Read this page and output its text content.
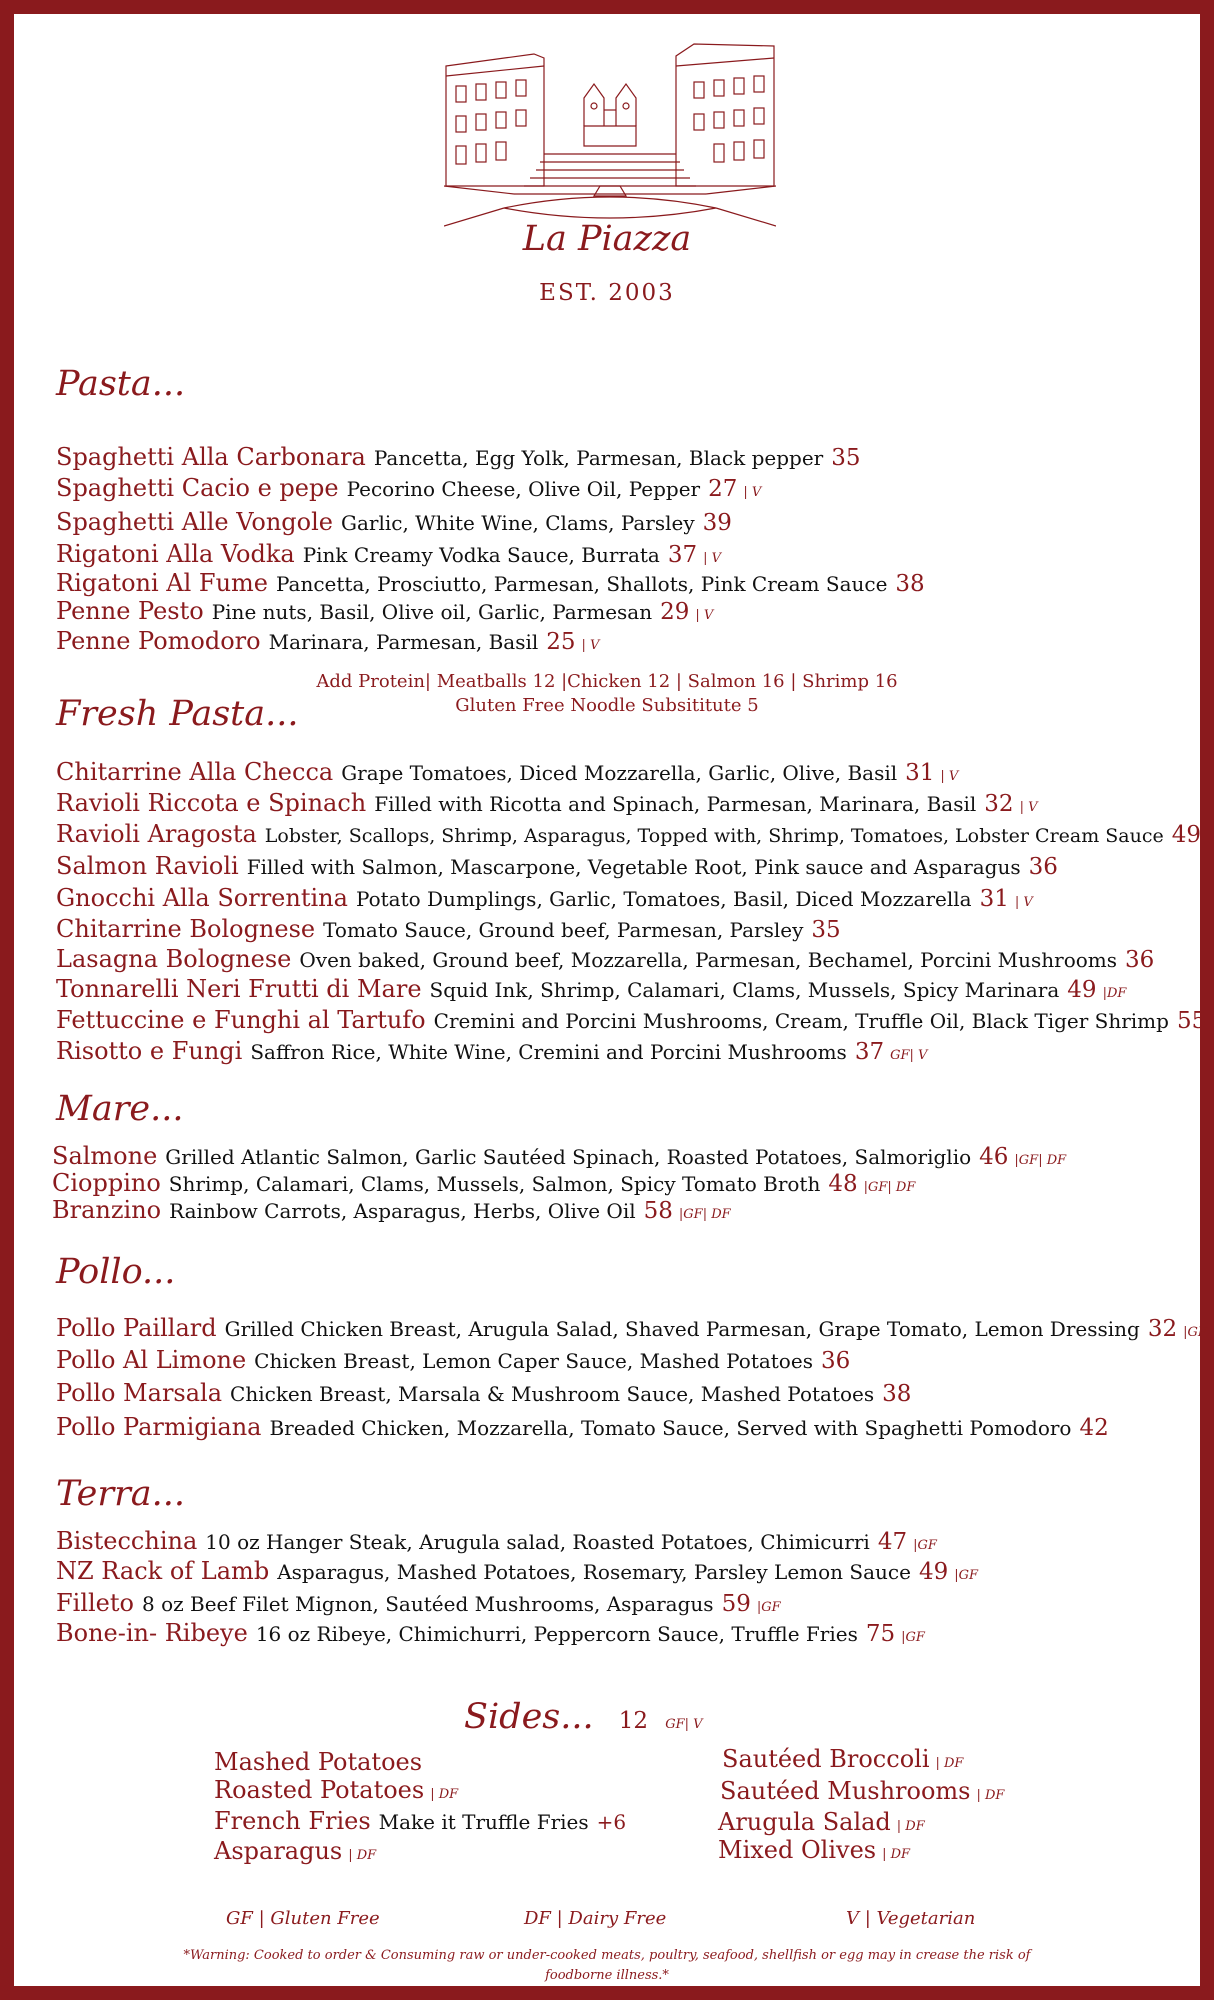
La Piazza
EST. 2003
Pasta...
Spaghetti Alla Carbonara Pancetta, Egg Yolk, Parmesan, Black pepper 35
Spaghetti Cacio e pepe Pecorino Cheese, Olive Oil, Pepper 27 | V
Spaghetti Alle Vongole Garlic, White Wine, Clams, Parsley 39
Rigatoni Alla Vodka Pink Creamy Vodka Sauce, Burrata 37 | V
Rigatoni Al Fume Pancetta, Prosciutto, Parmesan, Shallots, Pink Cream Sauce 38
Penne Pesto Pine nuts, Basil, Olive oil, Garlic, Parmesan 29 | V
Penne Pomodoro Marinara, Parmesan, Basil 25 | V
Add Protein| Meatballs 12 |Chicken 12 | Salmon 16 | Shrimp 16
Gluten Free Noodle Subsititute 5
Fresh Pasta...
Chitarrine Alla Checca Grape Tomatoes, Diced Mozzarella, Garlic, Olive, Basil 31 | V
Ravioli Riccota e Spinach Filled with Ricotta and Spinach, Parmesan, Marinara, Basil 32 | V
Ravioli Aragosta Lobster, Scallops, Shrimp, Asparagus, Topped with, Shrimp, Tomatoes, Lobster Cream Sauce 49
Salmon Ravioli Filled with Salmon, Mascarpone, Vegetable Root, Pink sauce and Asparagus 36
Gnocchi Alla Sorrentina Potato Dumplings, Garlic, Tomatoes, Basil, Diced Mozzarella 31 | V
Chitarrine Bolognese Tomato Sauce, Ground beef, Parmesan, Parsley 35
Lasagna Bolognese Oven baked, Ground beef, Mozzarella, Parmesan, Bechamel, Porcini Mushrooms 36
Tonnarelli Neri Frutti di Mare Squid Ink, Shrimp, Calamari, Clams, Mussels, Spicy Marinara 49 |DF
Fettuccine e Funghi al Tartufo Cremini and Porcini Mushrooms, Cream, Truffle Oil, Black Tiger Shrimp 55
Risotto e Fungi Saffron Rice, White Wine, Cremini and Porcini Mushrooms 37 GF| V
Mare...
Salmone Grilled Atlantic Salmon, Garlic Sautéed Spinach, Roasted Potatoes, Salmoriglio 46 |GF| DF
Cioppino Shrimp, Calamari, Clams, Mussels, Salmon, Spicy Tomato Broth 48 |GF| DF
Branzino Rainbow Carrots, Asparagus, Herbs, Olive Oil 58 |GF| DF
Pollo...
Pollo Paillard Grilled Chicken Breast, Arugula Salad, Shaved Parmesan, Grape Tomato, Lemon Dressing 32 |GF
Pollo Al Limone Chicken Breast, Lemon Caper Sauce, Mashed Potatoes 36
Pollo Marsala Chicken Breast, Marsala & Mushroom Sauce, Mashed Potatoes 38
Pollo Parmigiana Breaded Chicken, Mozzarella, Tomato Sauce, Served with Spaghetti Pomodoro 42
Terra...
Bistecchina 10 oz Hanger Steak, Arugula salad, Roasted Potatoes, Chimicurri 47 |GF
NZ Rack of Lamb Asparagus, Mashed Potatoes, Rosemary, Parsley Lemon Sauce 49 |GF
Filleto 8 oz Beef Filet Mignon, Sautéed Mushrooms, Asparagus 59 |GF
Bone-in- Ribeye 16 oz Ribeye, Chimichurri, Peppercorn Sauce, Truffle Fries 75 |GF
Sides... 12 GF| V
Mashed Potatoes
Roasted Potatoes | DF
French Fries Make it Truffle Fries +6
Asparagus | DF
Sautéed Broccoli | DF
Sautéed Mushrooms | DF
Arugula Salad | DF
Mixed Olives | DF
GF | Gluten Free	DF | Dairy Free	V | Vegetarian
*Warning: Cooked to order & Consuming raw or under-cooked meats, poultry, seafood, shellfish or egg may in crease the risk of foodborne illness.*
